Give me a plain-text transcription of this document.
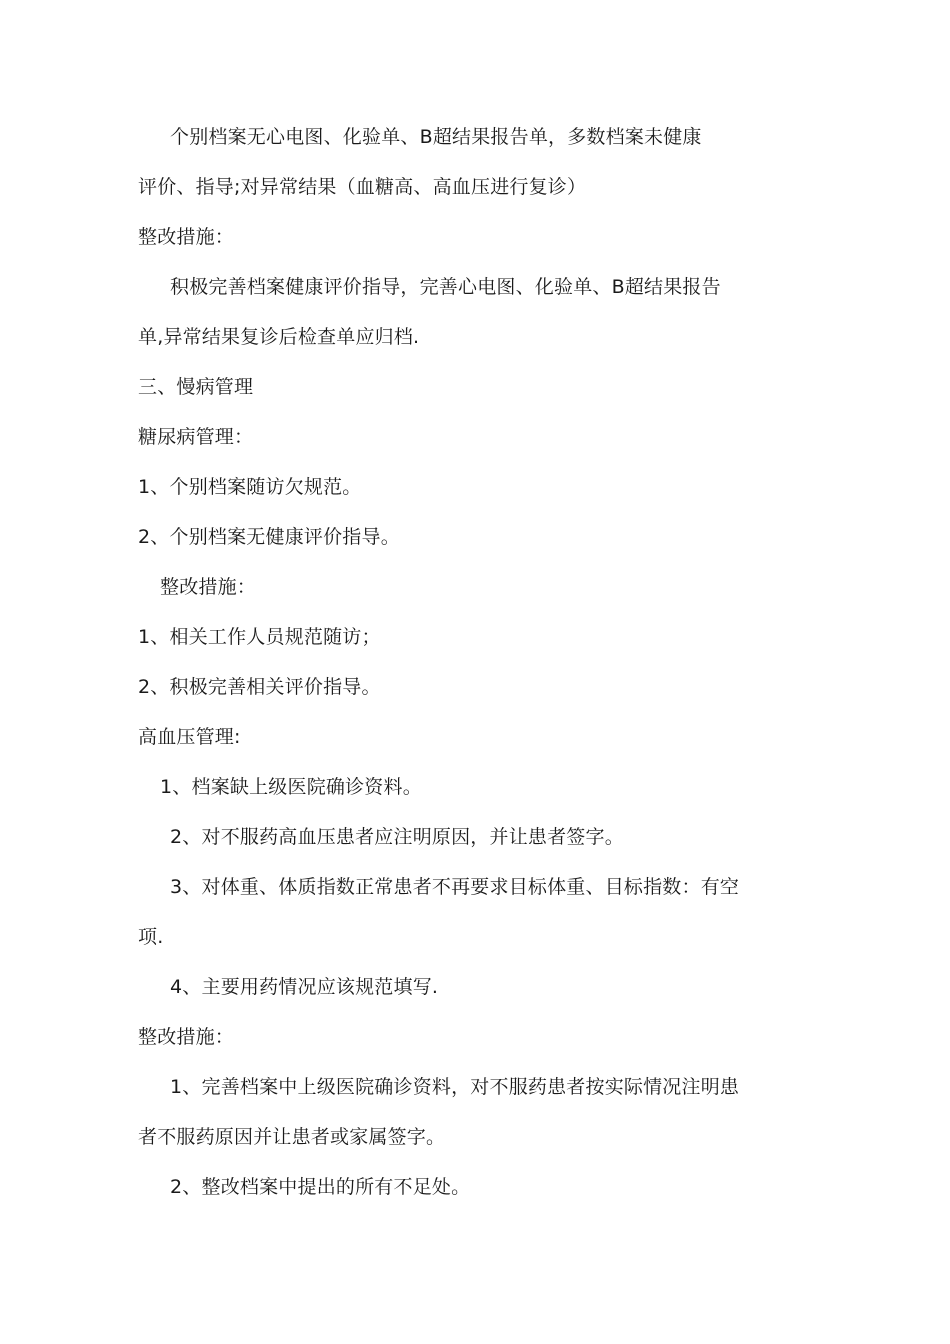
个别档案无心电图、化验单、B超结果报告单，多数档案未健康
评价、指导;对异常结果（血糖高、高血压进行复诊）
整改措施：
积极完善档案健康评价指导，完善心电图、化验单、B超结果报告
单,异常结果复诊后检查单应归档.
三、慢病管理
糖尿病管理：
1、个别档案随访欠规范。
2、个别档案无健康评价指导。
整改措施：
1、相关工作人员规范随访；
2、积极完善相关评价指导。
高血压管理:
1、档案缺上级医院确诊资料。
2、对不服药高血压患者应注明原因，并让患者签字。
3、对体重、体质指数正常患者不再要求目标体重、目标指数：有空
项.
4、主要用药情况应该规范填写.
整改措施：
1、完善档案中上级医院确诊资料，对不服药患者按实际情况注明患
者不服药原因并让患者或家属签字。
2、整改档案中提出的所有不足处。
